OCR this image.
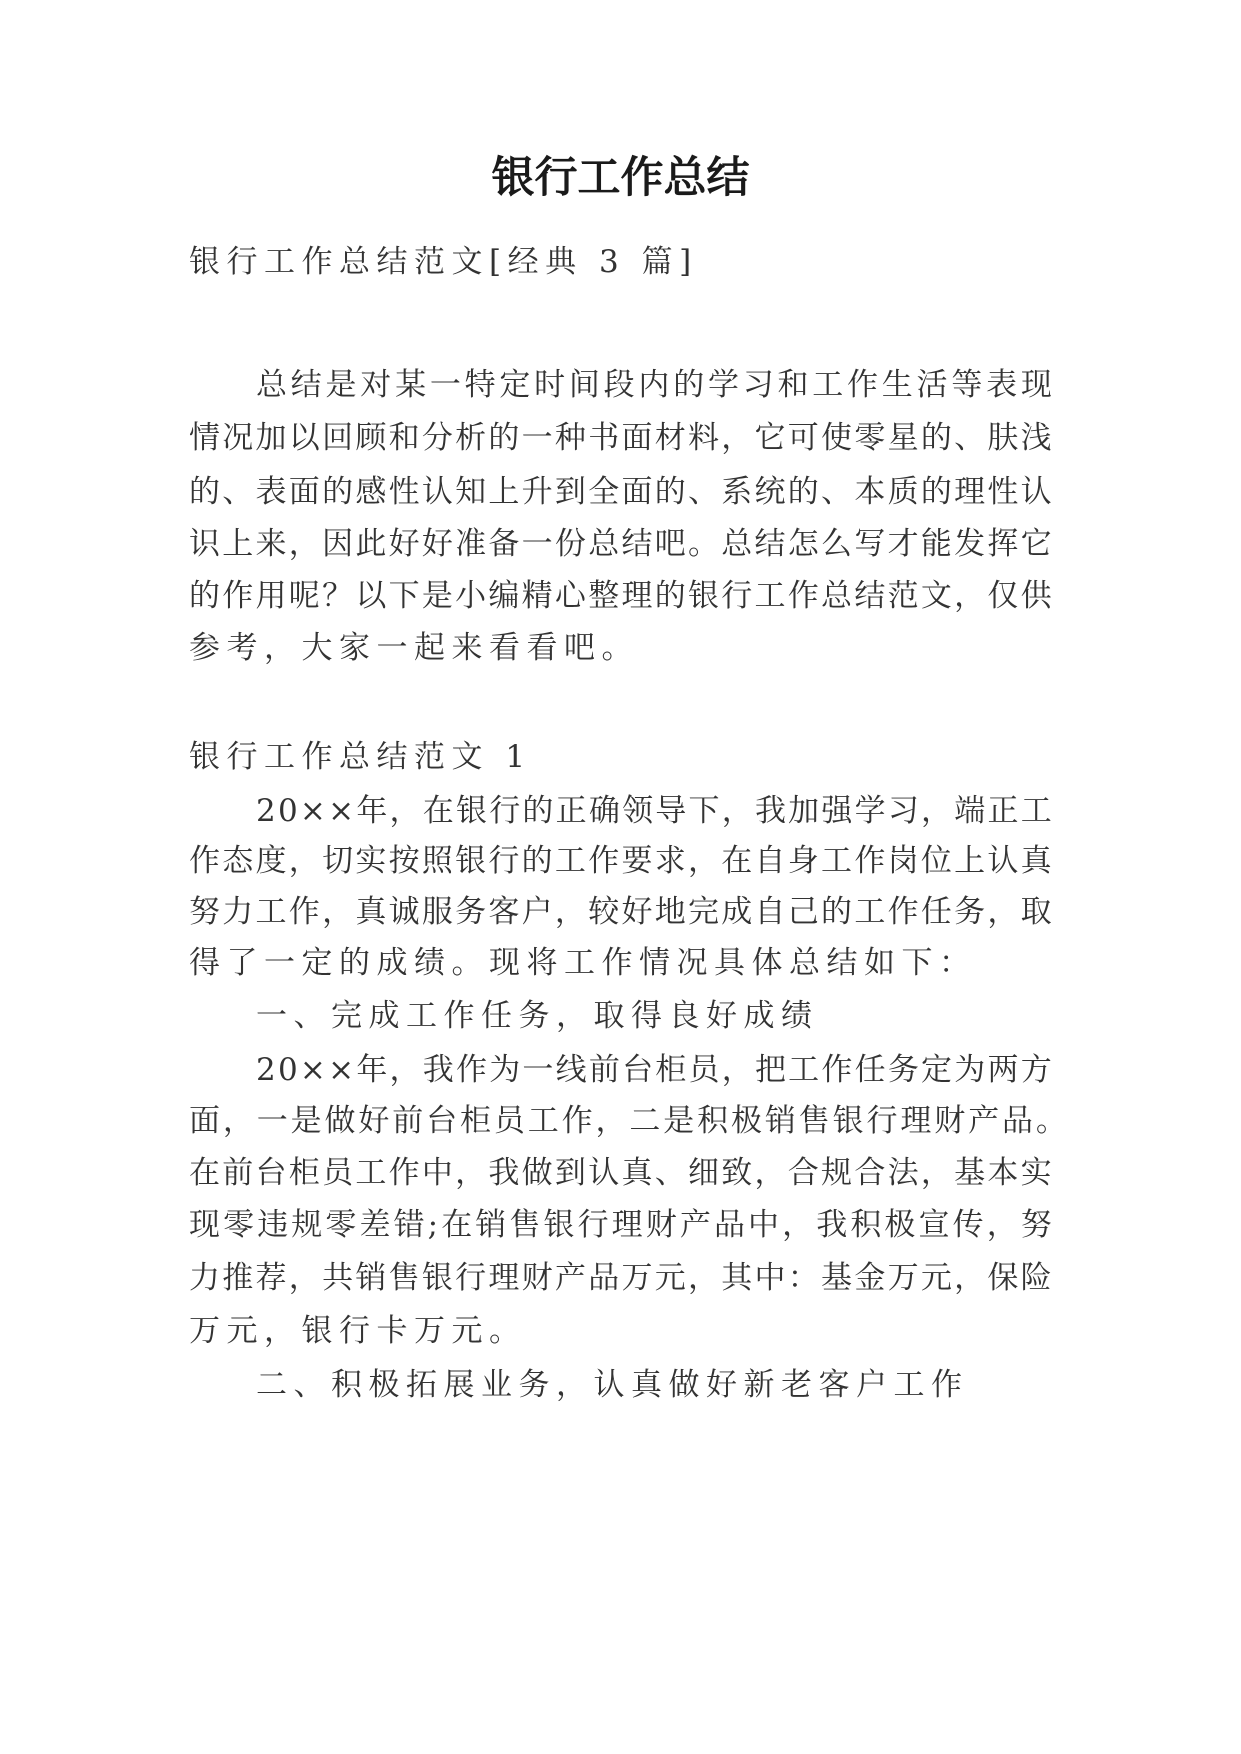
银行工作总结
银 行 工 作 总 结 范 文 [ 经 典
3
篇 ]
总 结 是 对 某 一 特 定 时 间 段 内 的 学 习 和 工 作 生 活 等 表 现
情 况 加 以 回 顾 和 分 析 的 一 种 书 面 材 料 ， 它 可 使 零 星 的 、 肤 浅
的 、 表 面 的 感 性 认 知 上 升 到 全 面 的 、 系 统 的 、 本 质 的 理 性 认
识 上 来 ， 因 此 好 好 准 备 一 份 总 结 吧 。 总 结 怎 么 写 才 能 发 挥 它
的 作 用 呢 ？ 以 下 是 小 编 精 心 整 理 的 银 行 工 作 总 结 范 文 ， 仅 供
参 考 ， 大 家 一 起 来 看 看 吧 。
银 行 工 作 总 结 范 文
1
2 0 × × 年 ， 在 银 行 的 正 确 领 导 下 ， 我 加 强 学 习 ， 端 正 工
作 态 度 ， 切 实 按 照 银 行 的 工 作 要 求 ， 在 自 身 工 作 岗 位 上 认 真
努 力 工 作 ， 真 诚 服 务 客 户 ， 较 好 地 完 成 自 己 的 工 作 任 务 ， 取
得 了 一 定 的 成 绩 。 现 将 工 作 情 况 具 体 总 结 如 下 ：
一 、 完 成 工 作 任 务 ， 取 得 良 好 成 绩
2 0 × × 年 ， 我 作 为 一 线 前 台 柜 员 ， 把 工 作 任 务 定 为 两 方
面 ， 一 是 做 好 前 台 柜 员 工 作 ， 二 是 积 极 销 售 银 行 理 财 产 品 。
在 前 台 柜 员 工 作 中 ， 我 做 到 认 真 、 细 致 ， 合 规 合 法 ， 基 本 实
现 零 违 规 零 差 错 ; 在 销 售 银 行 理 财 产 品 中 ， 我 积 极 宣 传 ， 努
力 推 荐 ， 共 销 售 银 行 理 财 产 品 万 元 ， 其 中 ： 基 金 万 元 ， 保 险
万 元 ， 银 行 卡 万 元 。
二 、 积 极 拓 展 业 务 ， 认 真 做 好 新 老 客 户 工 作
